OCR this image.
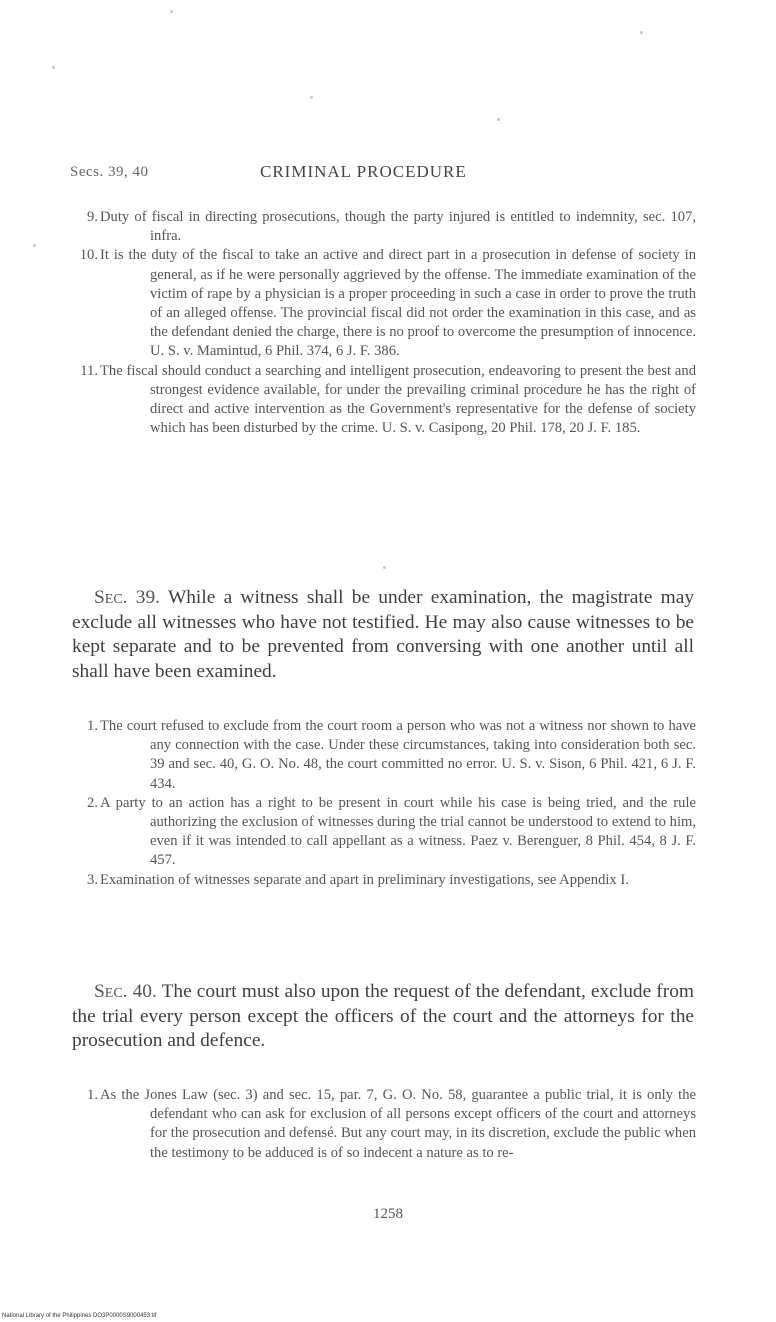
Secs. 39, 40	CRIMINAL PROCEDURE

9. Duty of fiscal in directing prosecutions, though the party injured is entitled to indemnity, sec. 107, infra.

10. It is the duty of the fiscal to take an active and direct part in a prosecution in defense of society in general, as if he were personally aggrieved by the offense. The immediate examination of the victim of rape by a physician is a proper proceeding in such a case in order to prove the truth of an alleged offense. The provincial fiscal did not order the examination in this case, and as the defendant denied the charge, there is no proof to overcome the presumption of innocence. U. S. v. Mamintud, 6 Phil. 374, 6 J. F. 386.

11. The fiscal should conduct a searching and intelligent prosecution, endeavoring to present the best and strongest evidence available, for under the prevailing criminal procedure he has the right of direct and active intervention as the Government's representative for the defense of society which has been disturbed by the crime. U. S. v. Casipong, 20 Phil. 178, 20 J. F. 185.

Sec. 39. While a witness shall be under examination, the magistrate may exclude all witnesses who have not testified. He may also cause witnesses to be kept separate and to be prevented from conversing with one another until all shall have been examined.

1. The court refused to exclude from the court room a person who was not a witness nor shown to have any connection with the case. Under these circumstances, taking into consideration both sec. 39 and sec. 40, G. O. No. 48, the court committed no error. U. S. v. Sison, 6 Phil. 421, 6 J. F. 434.

2. A party to an action has a right to be present in court while his case is being tried, and the rule authorizing the exclusion of witnesses during the trial cannot be understood to extend to him, even if it was intended to call appellant as a witness. Paez v. Berenguer, 8 Phil. 454, 8 J. F. 457.

3. Examination of witnesses separate and apart in preliminary investigations, see Appendix I.

Sec. 40. The court must also upon the request of the defendant, exclude from the trial every person except the officers of the court and the attorneys for the prosecution and defence.

1. As the Jones Law (sec. 3) and sec. 15, par. 7, G. O. No. 58, guarantee a public trial, it is only the defendant who can ask for exclusion of all persons except officers of the court and attorneys for the prosecution and defensé. But any court may, in its discretion, exclude the public when the testimony to be adduced is of so indecent a nature as to re-

1258
National Library of the Philippines DO3P0000S9000453.tif
